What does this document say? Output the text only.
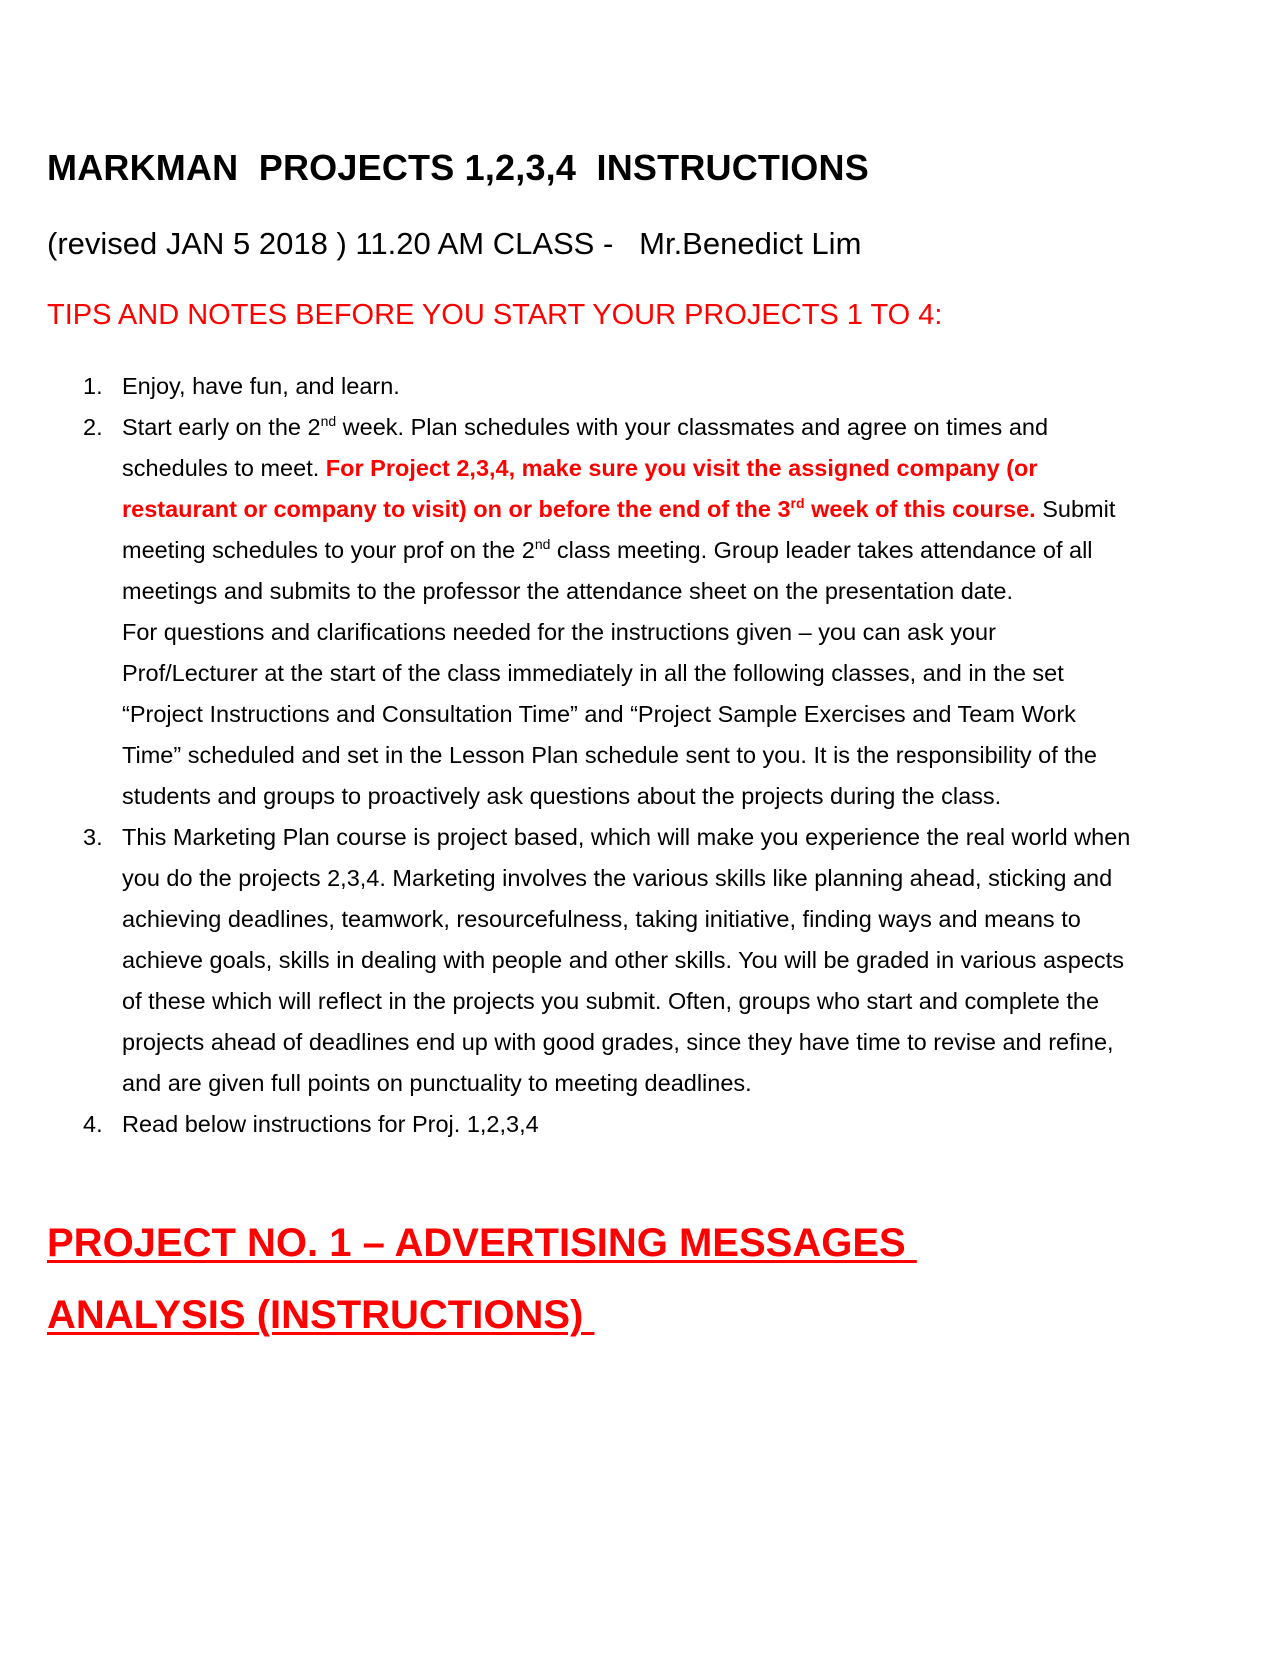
MARKMAN  PROJECTS 1,2,3,4  INSTRUCTIONS

(revised JAN 5 2018 ) 11.20 AM CLASS -   Mr.Benedict Lim

TIPS AND NOTES BEFORE YOU START YOUR PROJECTS 1 TO 4:

1. Enjoy, have fun, and learn.
2. Start early on the 2nd week. Plan schedules with your classmates and agree on times and schedules to meet. For Project 2,3,4, make sure you visit the assigned company (or restaurant or company to visit) on or before the end of the 3rd week of this course. Submit meeting schedules to your prof on the 2nd class meeting. Group leader takes attendance of all meetings and submits to the professor the attendance sheet on the presentation date.
For questions and clarifications needed for the instructions given – you can ask your Prof/Lecturer at the start of the class immediately in all the following classes, and in the set “Project Instructions and Consultation Time” and “Project Sample Exercises and Team Work Time” scheduled and set in the Lesson Plan schedule sent to you. It is the responsibility of the students and groups to proactively ask questions about the projects during the class.
3. This Marketing Plan course is project based, which will make you experience the real world when you do the projects 2,3,4. Marketing involves the various skills like planning ahead, sticking and achieving deadlines, teamwork, resourcefulness, taking initiative, finding ways and means to achieve goals, skills in dealing with people and other skills. You will be graded in various aspects of these which will reflect in the projects you submit. Often, groups who start and complete the projects ahead of deadlines end up with good grades, since they have time to revise and refine, and are given full points on punctuality to meeting deadlines.
4. Read below instructions for Proj. 1,2,3,4
PROJECT NO. 1 – ADVERTISING MESSAGES
ANALYSIS (INSTRUCTIONS)
